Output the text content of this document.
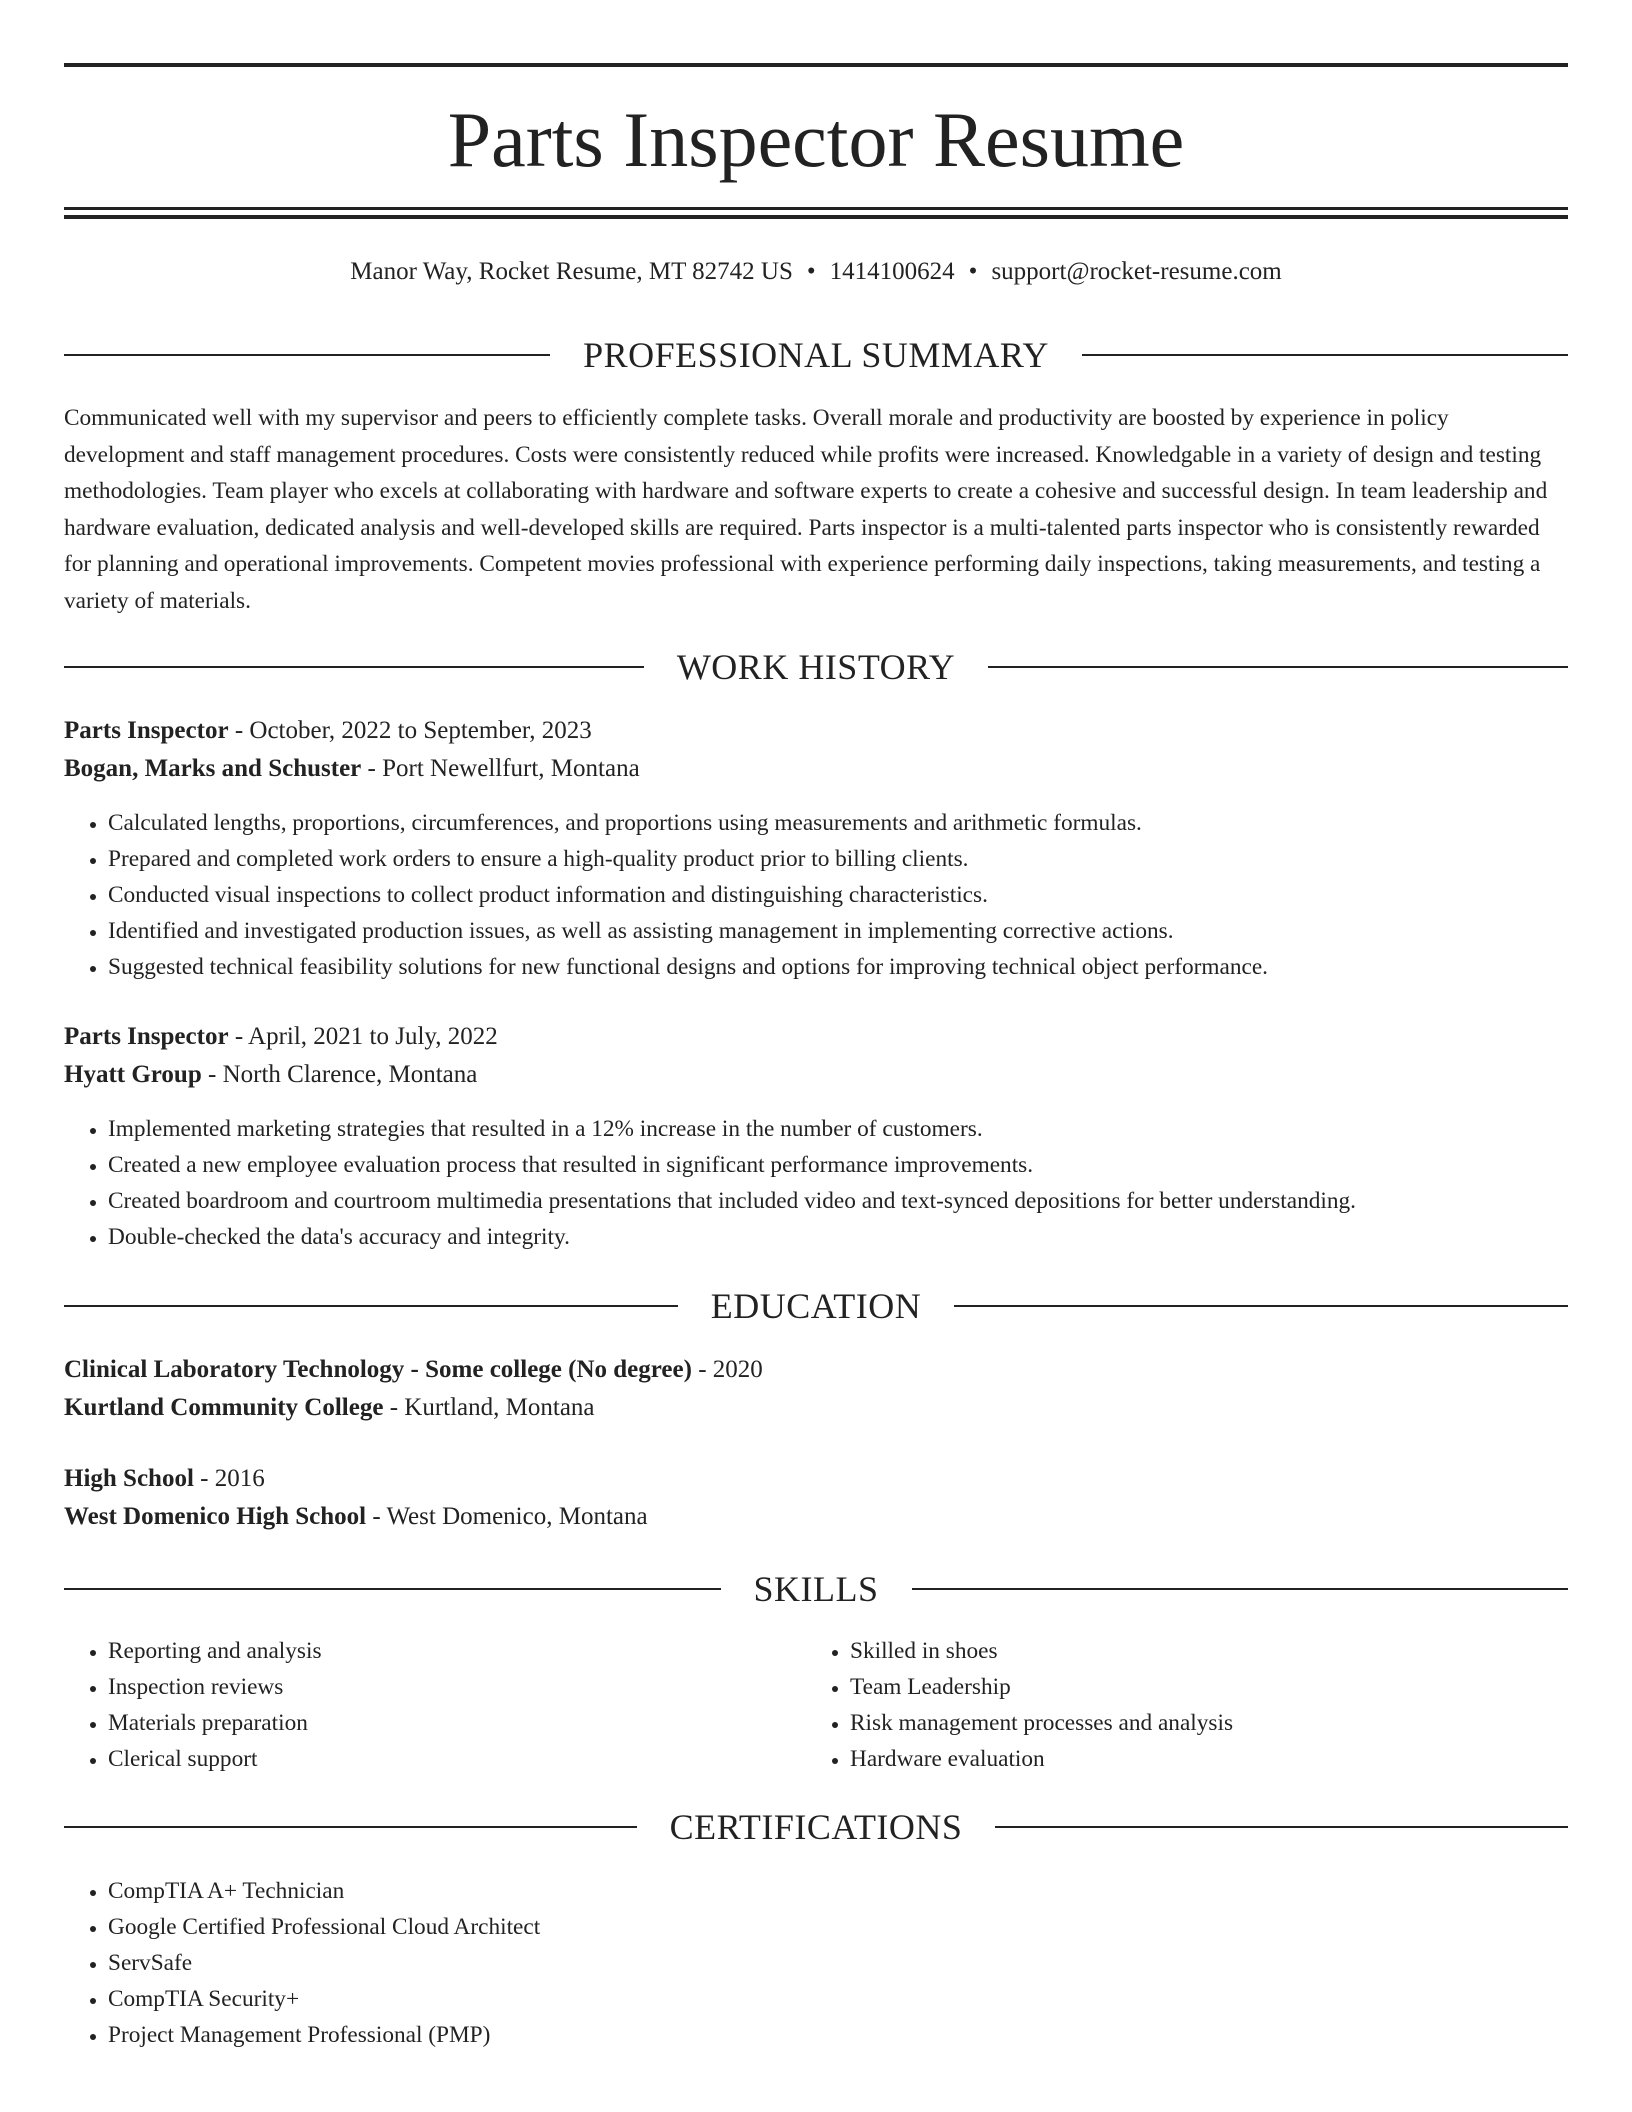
Parts Inspector Resume
Manor Way, Rocket Resume, MT 82742 US • 1414100624 • support@rocket-resume.com
PROFESSIONAL SUMMARY
Communicated well with my supervisor and peers to efficiently complete tasks. Overall morale and productivity are boosted by experience in policy development and staff management procedures. Costs were consistently reduced while profits were increased. Knowledgable in a variety of design and testing methodologies. Team player who excels at collaborating with hardware and software experts to create a cohesive and successful design. In team leadership and hardware evaluation, dedicated analysis and well-developed skills are required. Parts inspector is a multi-talented parts inspector who is consistently rewarded for planning and operational improvements. Competent movies professional with experience performing daily inspections, taking measurements, and testing a variety of materials.
WORK HISTORY
Parts Inspector - October, 2022 to September, 2023
Bogan, Marks and Schuster - Port Newellfurt, Montana
• Calculated lengths, proportions, circumferences, and proportions using measurements and arithmetic formulas.
• Prepared and completed work orders to ensure a high-quality product prior to billing clients.
• Conducted visual inspections to collect product information and distinguishing characteristics.
• Identified and investigated production issues, as well as assisting management in implementing corrective actions.
• Suggested technical feasibility solutions for new functional designs and options for improving technical object performance.
Parts Inspector - April, 2021 to July, 2022
Hyatt Group - North Clarence, Montana
• Implemented marketing strategies that resulted in a 12% increase in the number of customers.
• Created a new employee evaluation process that resulted in significant performance improvements.
• Created boardroom and courtroom multimedia presentations that included video and text-synced depositions for better understanding.
• Double-checked the data's accuracy and integrity.
EDUCATION
Clinical Laboratory Technology - Some college (No degree) - 2020
Kurtland Community College - Kurtland, Montana
High School - 2016
West Domenico High School - West Domenico, Montana
SKILLS
• Reporting and analysis
• Inspection reviews
• Materials preparation
• Clerical support
• Skilled in shoes
• Team Leadership
• Risk management processes and analysis
• Hardware evaluation
CERTIFICATIONS
• CompTIA A+ Technician
• Google Certified Professional Cloud Architect
• ServSafe
• CompTIA Security+
• Project Management Professional (PMP)
